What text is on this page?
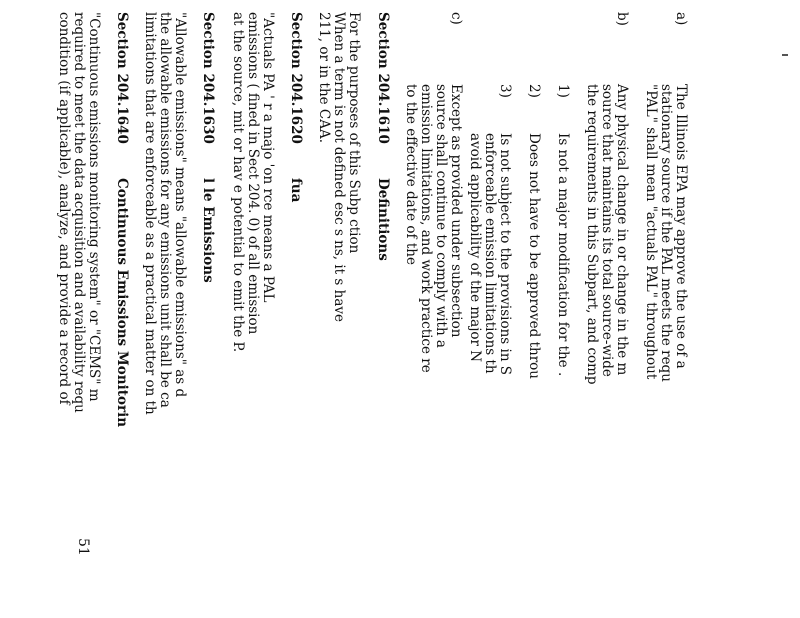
a)
The Illinois EPA may approve the use of a
stationary source if the PAL meets the requ
"PAL" shall mean "actuals PAL" throughout
b)
Any physical change in or change in the m
source that maintains its total source-wide
the requirements in this Subpart, and comp
1)
Is not a major modification for the .
2)
Does not have to be approved throu
3)
Is not subject to the provisions in S
enforceable emission limitations th
avoid applicability of the major N
c)
Except as provided under subsection
source shall continue to comply with a
emission limitations, and work practice re
to the effective date of the
Section 204.1610
Definitions
For the purposes of this Subp ction
When a term is not defined esc s ns, it s have
211, or in the CAA.
Section 204.1620
fua
"Actuals PA ' r a majo 'on rce means a PAL
emissions ( fined in Sect 204. 0) of all emission
at the source, mit or hav e potential to emit the P.
Section 204.1630
l le Emissions
"Allowable emissions" means "allowable emissions" as d
the allowable emissions for any emissions unit shall be ca
limitations that are enforceable as a practical matter on th
Section 204.1640
Continuous Emissions Monitorin
"Continuous emissions monitoring system" or "CEMS" m
required to meet the data acquisition and availability requ
condition (if applicable), analyze, and provide a record of
51
